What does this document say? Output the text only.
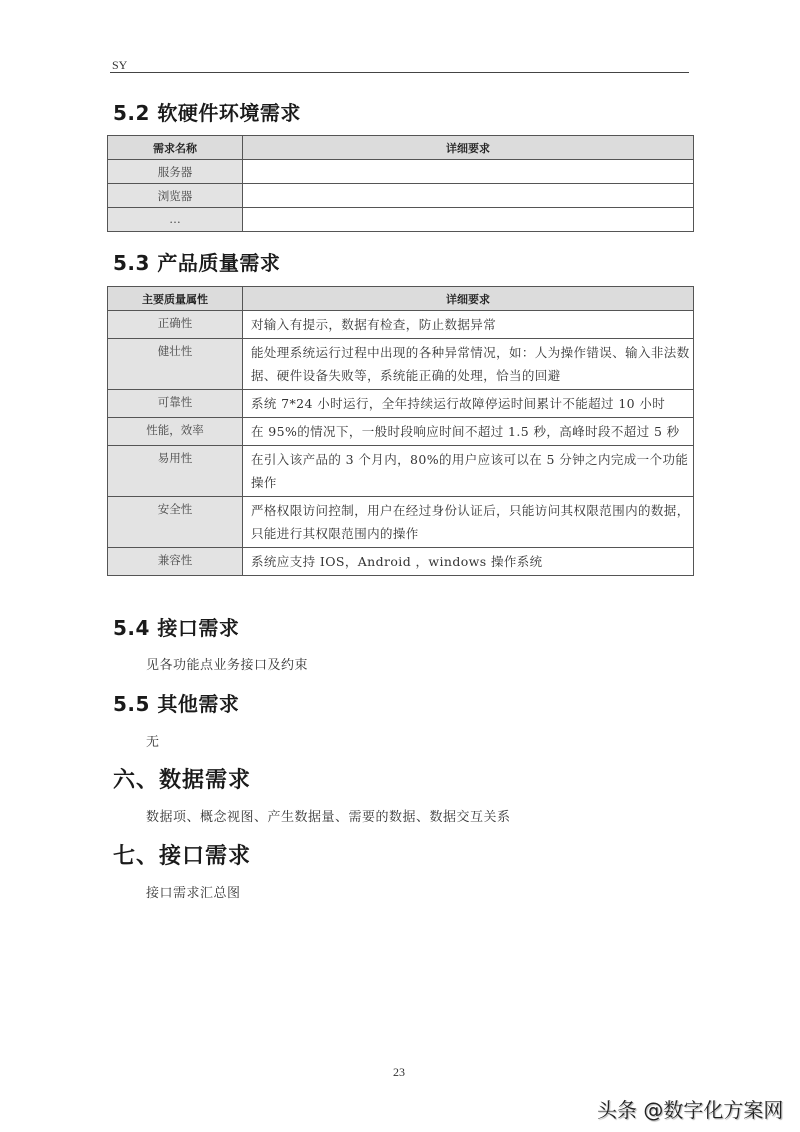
SY
5.2 软硬件环境需求
需求名称	详细要求
服务器	
浏览器	
…	
5.3 产品质量需求
主要质量属性	详细要求
正确性	对输入有提示，数据有检查，防止数据异常
健壮性	能处理系统运行过程中出现的各种异常情况，如：人为操作错误、输入非法数据、硬件设备失败等，系统能正确的处理，恰当的回避
可靠性	系统 7*24 小时运行，全年持续运行故障停运时间累计不能超过 10 小时
性能，效率	在 95%的情况下，一般时段响应时间不超过 1.5 秒，高峰时段不超过 5 秒
易用性	在引入该产品的 3 个月内，80%的用户应该可以在 5 分钟之内完成一个功能操作
安全性	严格权限访问控制，用户在经过身份认证后，只能访问其权限范围内的数据，只能进行其权限范围内的操作
兼容性	系统应支持 IOS，Android ，windows 操作系统
5.4 接口需求
见各功能点业务接口及约束
5.5 其他需求
无
六、数据需求
数据项、概念视图、产生数据量、需要的数据、数据交互关系
七、接口需求
接口需求汇总图
23
头条 @数字化方案网
